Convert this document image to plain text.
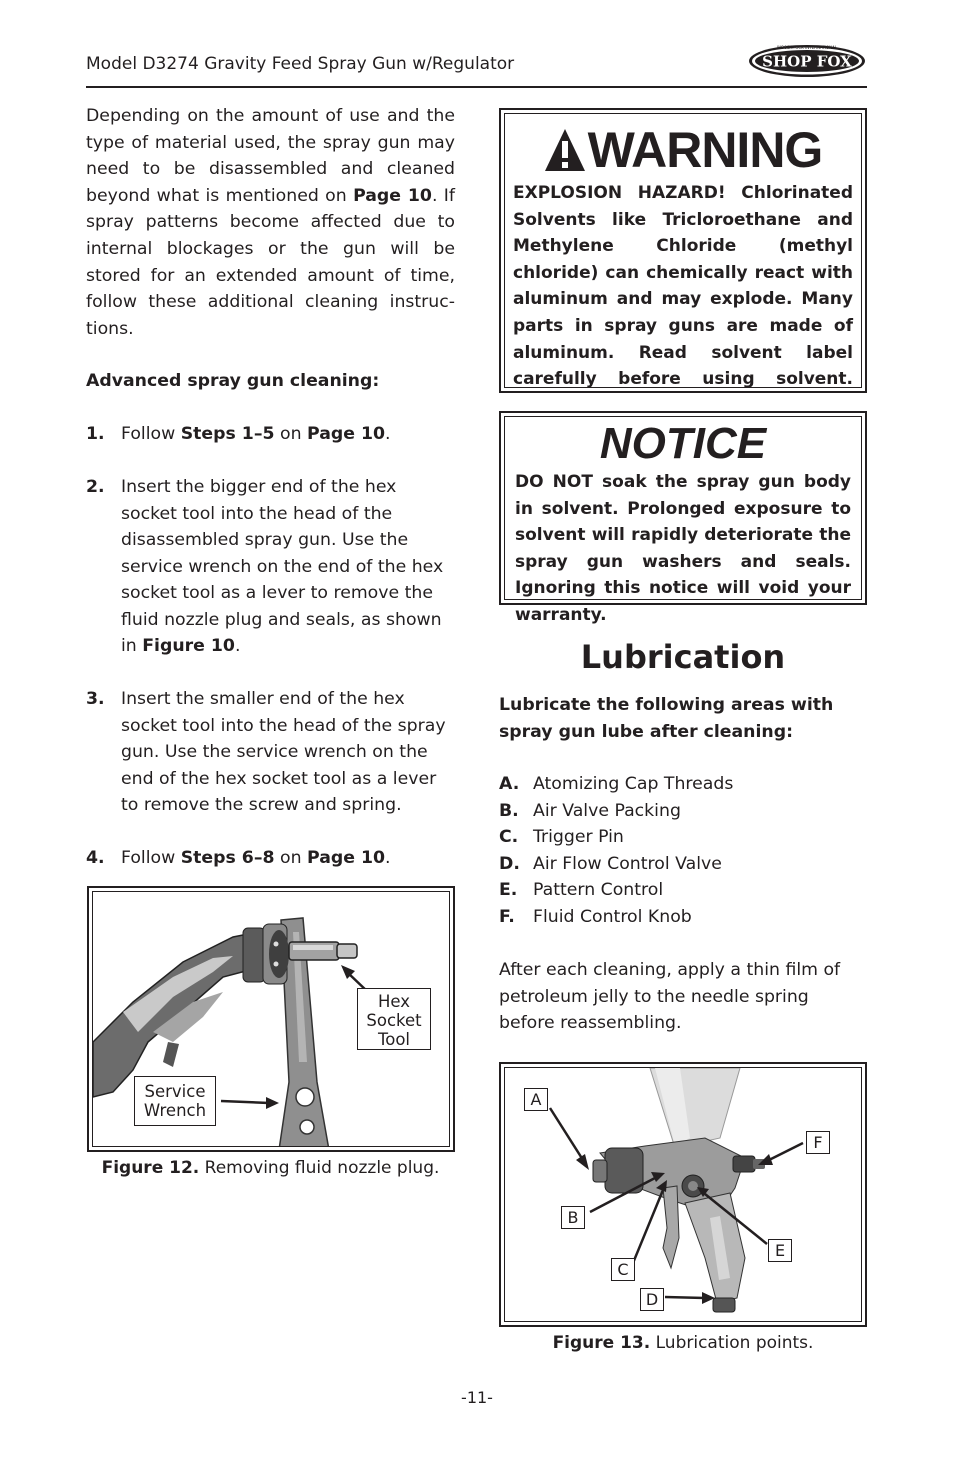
Model D3274 Gravity Feed Spray Gun w/Regulator
WOODSTOCK INTERNATIONAL
SHOP FOX
Depending on the amount of use and the type of material used, the spray gun may need to be disassembled and cleaned beyond what is mentioned on Page 10. If spray patterns become affected due to internal blockages or the gun will be stored for an extended amount of time, follow these additional cleaning instructions.
Advanced spray gun cleaning:
1. Follow Steps 1–5 on Page 10.
2. Insert the bigger end of the hex socket tool into the head of the disassembled spray gun. Use the service wrench on the end of the hex socket tool as a lever to remove the fluid nozzle plug and seals, as shown in Figure 10.
3. Insert the smaller end of the hex socket tool into the head of the spray gun. Use the service wrench on the end of the hex socket tool as a lever to remove the screw and spring.
4. Follow Steps 6–8 on Page 10.
Hex Socket Tool
Service Wrench
Figure 12. Removing fluid nozzle plug.
WARNING
EXPLOSION HAZARD! Chlorinated Solvents like Tricloroethane and Methylene Chloride (methyl chloride) can chemically react with aluminum and may explode. Many parts in spray guns are made of aluminum. Read solvent label carefully before using solvent.
NOTICE
DO NOT soak the spray gun body in solvent. Prolonged exposure to solvent will rapidly deteriorate the spray gun washers and seals. Ignoring this notice will void your warranty.
Lubrication
Lubricate the following areas with spray gun lube after cleaning:
A. Atomizing Cap Threads
B. Air Valve Packing
C. Trigger Pin
D. Air Flow Control Valve
E. Pattern Control
F.	Fluid Control Knob
After each cleaning, apply a thin film of petroleum jelly to the needle spring before reassembling.
A
B
C
D
E
F
Figure 13. Lubrication points.
-11-
